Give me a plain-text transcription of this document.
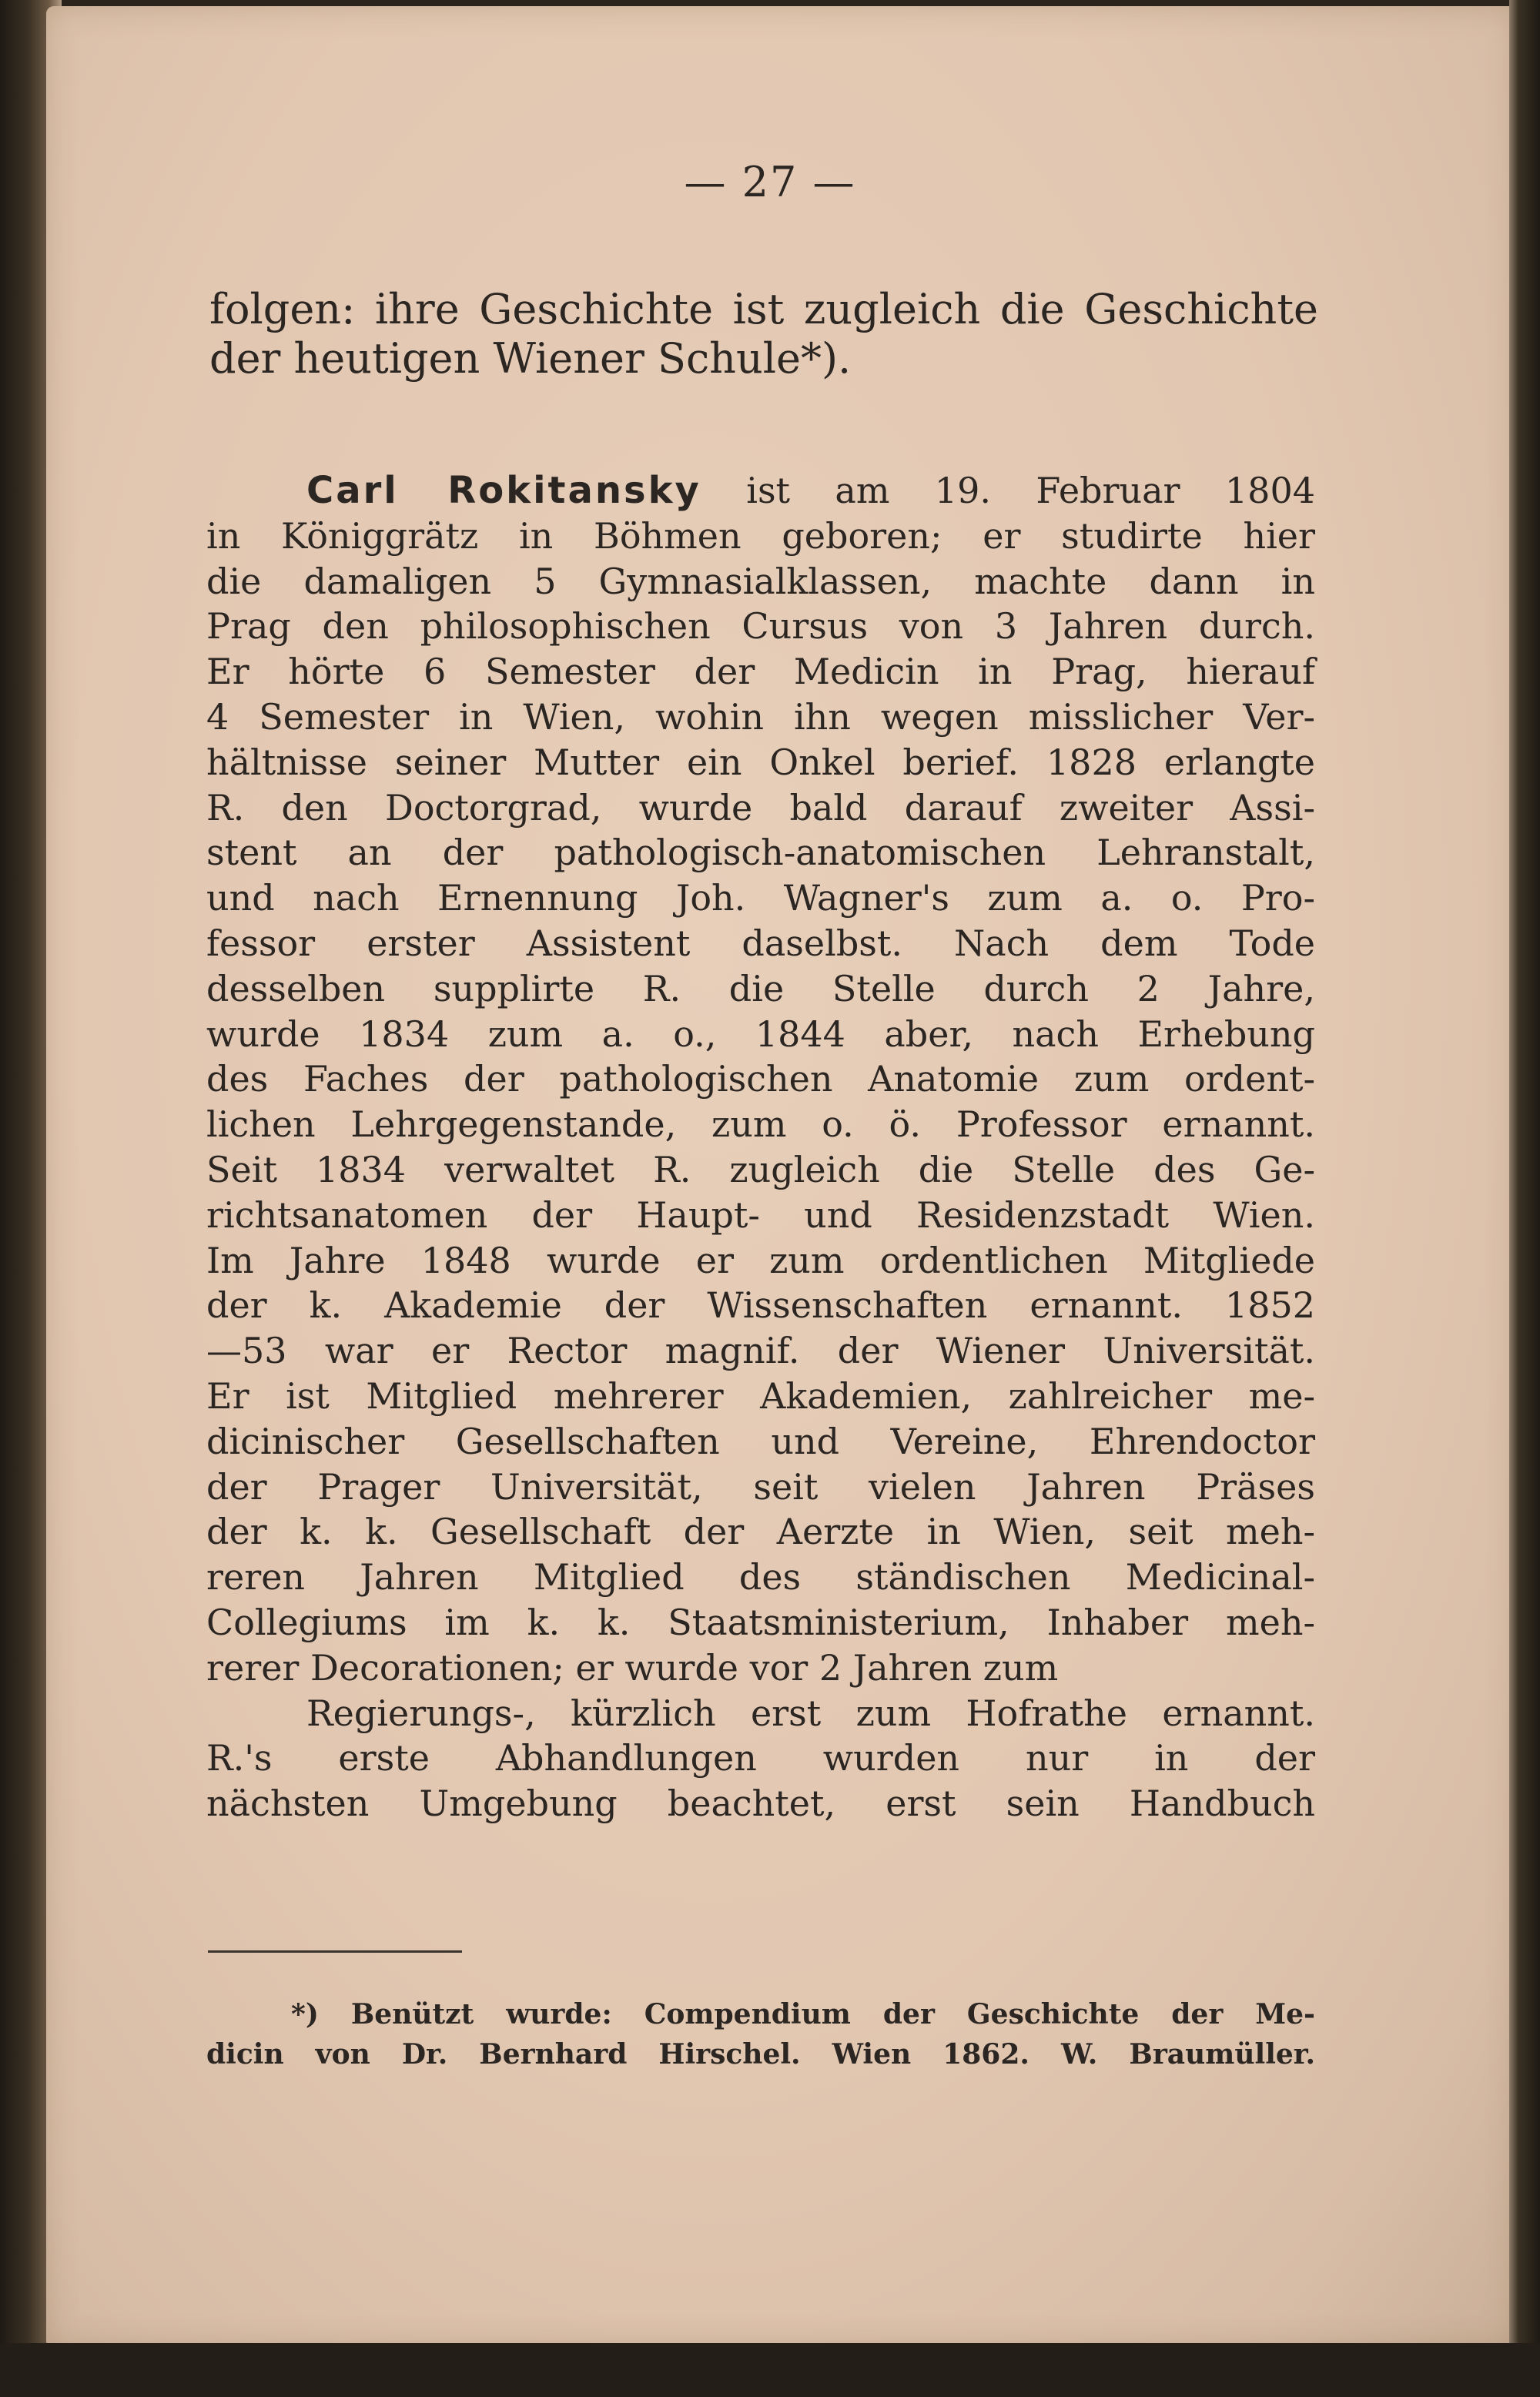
— 27 —
folgen: ihre Geschichte ist zugleich die Geschichte
der heutigen Wiener Schule*).
Carl Rokitansky ist am 19. Februar 1804
in Königgrätz in Böhmen geboren; er studirte hier
die damaligen 5 Gymnasialklassen, machte dann in
Prag den philosophischen Cursus von 3 Jahren durch.
Er hörte 6 Semester der Medicin in Prag, hierauf
4 Semester in Wien, wohin ihn wegen misslicher Ver-
hältnisse seiner Mutter ein Onkel berief. 1828 erlangte
R. den Doctorgrad, wurde bald darauf zweiter Assi-
stent an der pathologisch-anatomischen Lehranstalt,
und nach Ernennung Joh. Wagner's zum a. o. Pro-
fessor erster Assistent daselbst. Nach dem Tode
desselben supplirte R. die Stelle durch 2 Jahre,
wurde 1834 zum a. o., 1844 aber, nach Erhebung
des Faches der pathologischen Anatomie zum ordent-
lichen Lehrgegenstande, zum o. ö. Professor ernannt.
Seit 1834 verwaltet R. zugleich die Stelle des Ge-
richtsanatomen der Haupt- und Residenzstadt Wien.
Im Jahre 1848 wurde er zum ordentlichen Mitgliede
der k. Akademie der Wissenschaften ernannt. 1852
—53 war er Rector magnif. der Wiener Universität.
Er ist Mitglied mehrerer Akademien, zahlreicher me-
dicinischer Gesellschaften und Vereine, Ehrendoctor
der Prager Universität, seit vielen Jahren Präses
der k. k. Gesellschaft der Aerzte in Wien, seit meh-
reren Jahren Mitglied des ständischen Medicinal-
Collegiums im k. k. Staatsministerium, Inhaber meh-
rerer Decorationen; er wurde vor 2 Jahren zum
Regierungs-, kürzlich erst zum Hofrathe ernannt.
R.'s erste Abhandlungen wurden nur in der
nächsten Umgebung beachtet, erst sein Handbuch
*) Benützt wurde: Compendium der Geschichte der Me-
dicin von Dr. Bernhard Hirschel. Wien 1862. W. Braumüller.
